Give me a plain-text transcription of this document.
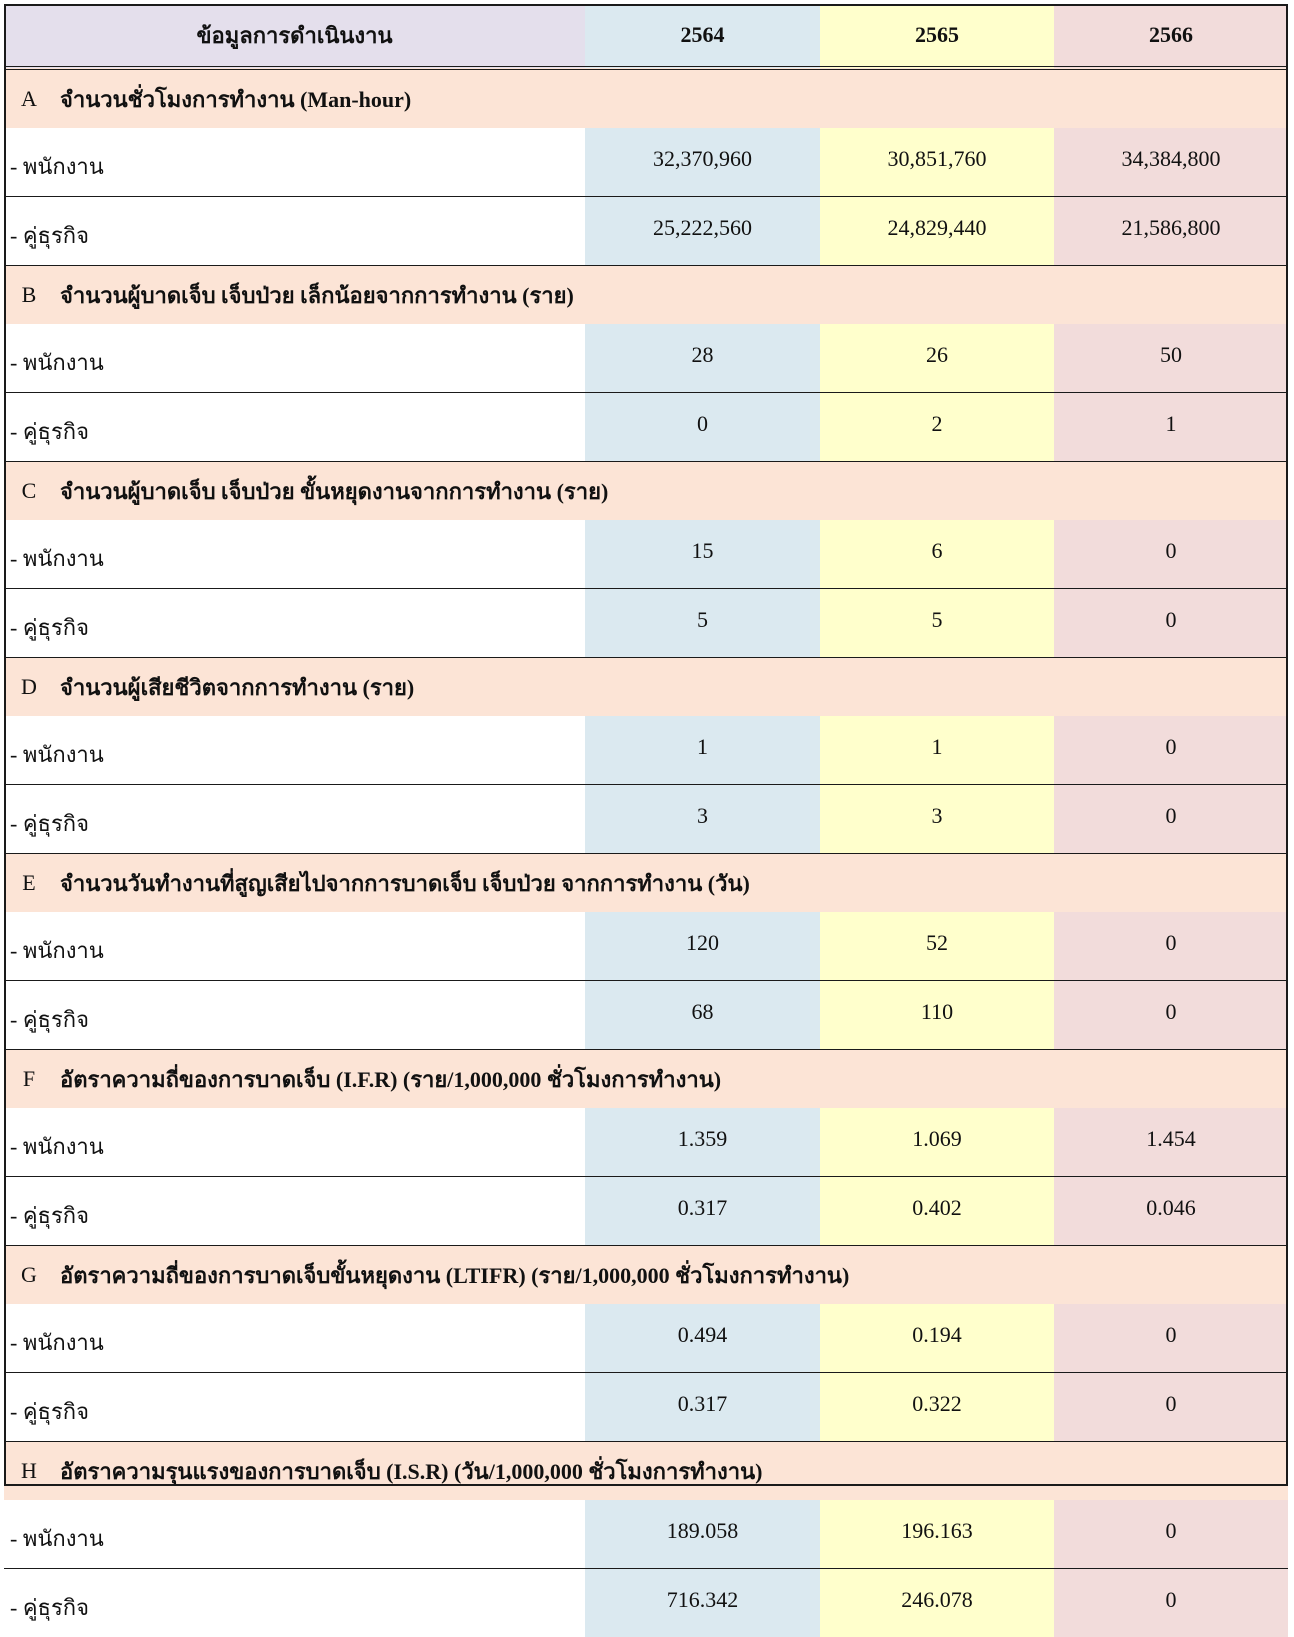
ข้อมูลการดำเนินงาน		2564	2565	2566
A	จำนวนชั่วโมงการทำงาน (Man-hour)			
- พนักงาน		32,370,960	30,851,760	34,384,800
- คู่ธุรกิจ		25,222,560	24,829,440	21,586,800
B	จำนวนผู้บาดเจ็บ เจ็บป่วย เล็กน้อยจากการทำงาน (ราย)			
- พนักงาน		28	26	50
- คู่ธุรกิจ		0	2	1
C	จำนวนผู้บาดเจ็บ เจ็บป่วย ขั้นหยุดงานจากการทำงาน (ราย)			
- พนักงาน		15	6	0
- คู่ธุรกิจ		5	5	0
D	จำนวนผู้เสียชีวิตจากการทำงาน (ราย)			
- พนักงาน		1	1	0
- คู่ธุรกิจ		3	3	0
E	จำนวนวันทำงานที่สูญเสียไปจากการบาดเจ็บ เจ็บป่วย จากการทำงาน (วัน)			
- พนักงาน		120	52	0
- คู่ธุรกิจ		68	110	0
F	อัตราความถี่ของการบาดเจ็บ (I.F.R) (ราย/1,000,000 ชั่วโมงการทำงาน)			
- พนักงาน		1.359	1.069	1.454
- คู่ธุรกิจ		0.317	0.402	0.046
G	อัตราความถี่ของการบาดเจ็บขั้นหยุดงาน (LTIFR) (ราย/1,000,000 ชั่วโมงการทำงาน)			
- พนักงาน		0.494	0.194	0
- คู่ธุรกิจ		0.317	0.322	0
H	อัตราความรุนแรงของการบาดเจ็บ (I.S.R) (วัน/1,000,000 ชั่วโมงการทำงาน)			
- พนักงาน		189.058	196.163	0
- คู่ธุรกิจ		716.342	246.078	0
